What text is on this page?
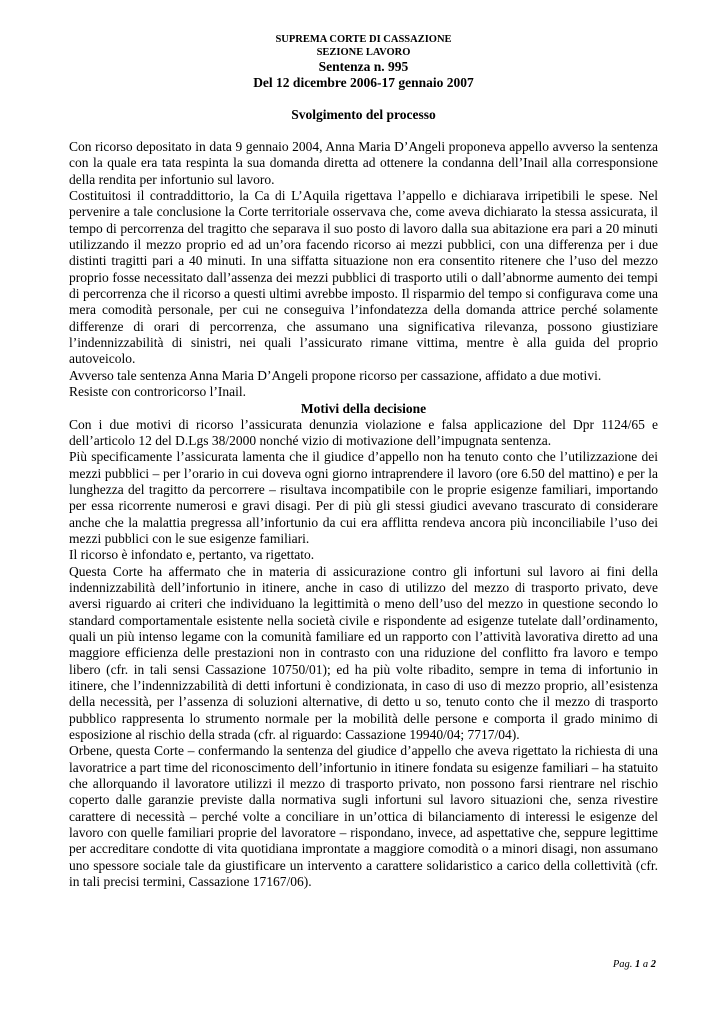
SUPREMA CORTE DI CASSAZIONE

SEZIONE LAVORO

Sentenza n. 995

Del 12 dicembre 2006-17 gennaio 2007

Svolgimento del processo

Con ricorso depositato in data 9 gennaio 2004, Anna Maria D’Angeli proponeva appello avverso la sentenza con la quale era tata respinta la sua domanda diretta ad ottenere la condanna dell’Inail alla corresponsione della rendita per infortunio sul lavoro.

Costituitosi il contraddittorio, la Ca di L’Aquila rigettava l’appello e dichiarava irripetibili le spese. Nel pervenire a tale conclusione la Corte territoriale osservava che, come aveva dichiarato la stessa assicurata, il tempo di percorrenza del tragitto che separava il suo posto di lavoro dalla sua abitazione era pari a 20 minuti utilizzando il mezzo proprio ed ad un’ora facendo ricorso ai mezzi pubblici, con una differenza per i due distinti tragitti pari a 40 minuti. In una siffatta situazione non era consentito ritenere che l’uso del mezzo proprio fosse necessitato dall’assenza dei mezzi pubblici di trasporto utili o dall’abnorme aumento dei tempi di percorrenza che il ricorso a questi ultimi avrebbe imposto. Il risparmio del tempo si configurava come una mera comodità personale, per cui ne conseguiva l’infondatezza della domanda attrice perché solamente differenze di orari di percorrenza, che assumano una significativa rilevanza, possono giustiziare l’indennizzabilità di sinistri, nei quali l’assicurato rimane vittima, mentre è alla guida del proprio autoveicolo.

Avverso tale sentenza Anna Maria D’Angeli propone ricorso per cassazione, affidato a due motivi.

Resiste con controricorso l’Inail.

Motivi della decisione

Con i due motivi di ricorso l’assicurata denunzia violazione e falsa applicazione del Dpr 1124/65 e dell’articolo 12 del D.Lgs 38/2000 nonché vizio di motivazione dell’impugnata sentenza.

Più specificamente l’assicurata lamenta che il giudice d’appello non ha tenuto conto che l’utilizzazione dei mezzi pubblici – per l’orario in cui doveva ogni giorno intraprendere il lavoro (ore 6.50 del mattino) e per la lunghezza del tragitto da percorrere – risultava incompatibile con le proprie esigenze familiari, importando per essa ricorrente numerosi e gravi disagi. Per di più gli stessi giudici avevano trascurato di considerare anche che la malattia pregressa all’infortunio da cui era afflitta rendeva ancora più inconciliabile l’uso dei mezzi pubblici con le sue esigenze familiari.

Il ricorso è infondato e, pertanto, va rigettato.

Questa Corte ha affermato che in materia di assicurazione contro gli infortuni sul lavoro ai fini della indennizzabilità dell’infortunio in itinere, anche in caso di utilizzo del mezzo di trasporto privato, deve aversi riguardo ai criteri che individuano la legittimità o meno dell’uso del mezzo in questione secondo lo standard comportamentale esistente nella società civile e rispondente ad esigenze tutelate dall’ordinamento, quali un più intenso legame con la comunità familiare ed un rapporto con l’attività lavorativa diretto ad una maggiore efficienza delle prestazioni non in contrasto con una riduzione del conflitto fra lavoro e tempo libero (cfr. in tali sensi Cassazione 10750/01); ed ha più volte ribadito, sempre in tema di infortunio in itinere, che l’indennizzabilità di detti infortuni è condizionata, in caso di uso di mezzo proprio, all’esistenza della necessità, per l’assenza di soluzioni alternative, di detto u so, tenuto conto che il mezzo di trasporto pubblico rappresenta lo strumento normale per la mobilità delle persone e comporta il grado minimo di esposizione al rischio della strada (cfr. al riguardo: Cassazione 19940/04; 7717/04).

Orbene, questa Corte – confermando la sentenza del giudice d’appello che aveva rigettato la richiesta di una lavoratrice a part time del riconoscimento dell’infortunio in itinere fondata su esigenze familiari – ha statuito che allorquando il lavoratore utilizzi il mezzo di trasporto privato, non possono farsi rientrare nel rischio coperto dalle garanzie previste dalla normativa sugli infortuni sul lavoro situazioni che, senza rivestire carattere di necessità – perché volte a conciliare in un’ottica di bilanciamento di interessi le esigenze del lavoro con quelle familiari proprie del lavoratore – rispondano, invece, ad aspettative che, seppure legittime per accreditare condotte di vita quotidiana improntate a maggiore comodità o a minori disagi, non assumano uno spessore sociale tale da giustificare un intervento a carattere solidaristico a carico della collettività (cfr. in tali precisi termini, Cassazione 17167/06).

Pag. 1 a 2
